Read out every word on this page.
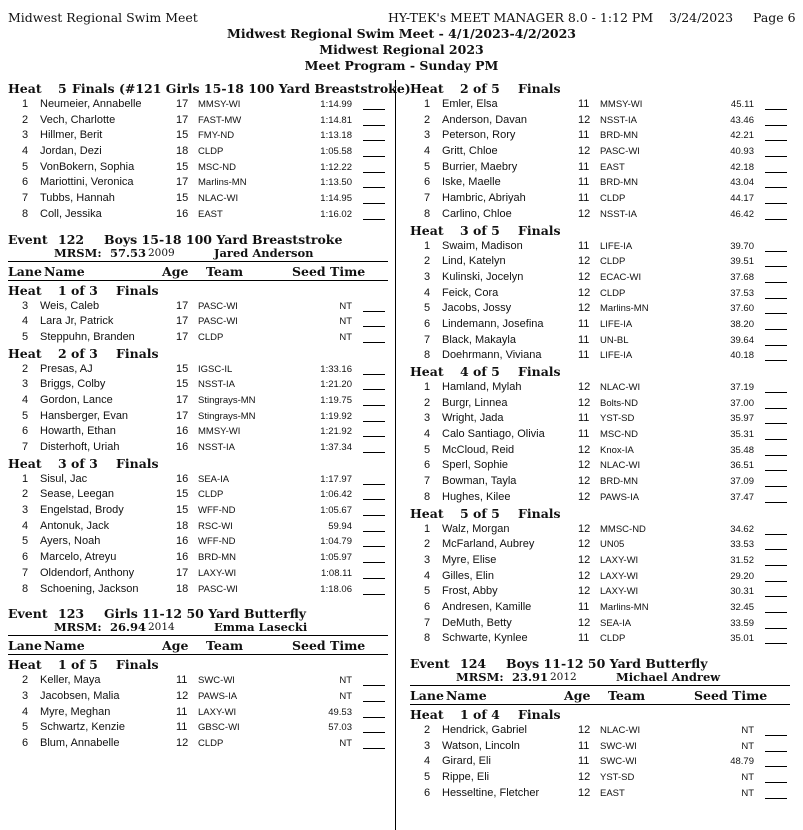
Midwest Regional Swim Meet	HY-TEK's MEET MANAGER 8.0 - 1:12 PM    3/24/2023     Page 6
Midwest Regional Swim Meet - 4/1/2023-4/2/2023
Midwest Regional 2023
Meet Program - Sunday PM
Heat 5 Finals (#121 Girls 15-18 100 Yard Breaststroke)
1 Neumeier, Annabelle	17 MMSY-WI	1:14.99
2 Vech, Charlotte	17 FAST-MW	1:14.81
3 Hillmer, Berit	15 FMY-ND	1:13.18
4 Jordan, Dezi	18 CLDP	1:05.58
5 VonBokern, Sophia	15 MSC-ND	1:12.22
6 Mariottini, Veronica	17 Marlins-MN	1:13.50
7 Tubbs, Hannah	15 NLAC-WI	1:14.95
8 Coll, Jessika	16 EAST	1:16.02
Event 122 Boys 15-18 100 Yard Breaststroke
MRSM: 57.53 2009	Jared Anderson
Lane Name	Age Team	Seed Time
Heat 1 of 3 Finals
3 Weis, Caleb	17 PASC-WI	NT
4 Lara Jr, Patrick	17 PASC-WI	NT
5 Steppuhn, Branden	17 CLDP	NT
Heat 2 of 3 Finals
2 Presas, AJ	15 IGSC-IL	1:33.16
3 Briggs, Colby	15 NSST-IA	1:21.20
4 Gordon, Lance	17 Stingrays-MN	1:19.75
5 Hansberger, Evan	17 Stingrays-MN	1:19.92
6 Howarth, Ethan	16 MMSY-WI	1:21.92
7 Disterhoft, Uriah	16 NSST-IA	1:37.34
Heat 3 of 3 Finals
1 Sisul, Jac	16 SEA-IA	1:17.97
2 Sease, Leegan	15 CLDP	1:06.42
3 Engelstad, Brody	15 WFF-ND	1:05.67
4 Antonuk, Jack	18 RSC-WI	59.94
5 Ayers, Noah	16 WFF-ND	1:04.79
6 Marcelo, Atreyu	16 BRD-MN	1:05.97
7 Oldendorf, Anthony	17 LAXY-WI	1:08.11
8 Schoening, Jackson	18 PASC-WI	1:18.06
Event 123 Girls 11-12 50 Yard Butterfly
MRSM: 26.94 2014	Emma Lasecki
Lane Name	Age Team	Seed Time
Heat 1 of 5 Finals
2 Keller, Maya	11 SWC-WI	NT
3 Jacobsen, Malia	12 PAWS-IA	NT
4 Myre, Meghan	11 LAXY-WI	49.53
5 Schwartz, Kenzie	11 GBSC-WI	57.03
6 Blum, Annabelle	12 CLDP	NT
Heat 2 of 5 Finals
1 Emler, Elsa	11 MMSY-WI	45.11
2 Anderson, Davan	12 NSST-IA	43.46
3 Peterson, Rory	11 BRD-MN	42.21
4 Gritt, Chloe	12 PASC-WI	40.93
5 Burrier, Maebry	11 EAST	42.18
6 Iske, Maelle	11 BRD-MN	43.04
7 Hambric, Abriyah	11 CLDP	44.17
8 Carlino, Chloe	12 NSST-IA	46.42
Heat 3 of 5 Finals
1 Swaim, Madison	11 LIFE-IA	39.70
2 Lind, Katelyn	12 CLDP	39.51
3 Kulinski, Jocelyn	12 ECAC-WI	37.68
4 Feick, Cora	12 CLDP	37.53
5 Jacobs, Jossy	12 Marlins-MN	37.60
6 Lindemann, Josefina	11 LIFE-IA	38.20
7 Black, Makayla	11 UN-BL	39.64
8 Doehrmann, Viviana	11 LIFE-IA	40.18
Heat 4 of 5 Finals
1 Hamland, Mylah	12 NLAC-WI	37.19
2 Burgr, Linnea	12 Bolts-ND	37.00
3 Wright, Jada	11 YST-SD	35.97
4 Calo Santiago, Olivia	11 MSC-ND	35.31
5 McCloud, Reid	12 Knox-IA	35.48
6 Sperl, Sophie	12 NLAC-WI	36.51
7 Bowman, Tayla	12 BRD-MN	37.09
8 Hughes, Kilee	12 PAWS-IA	37.47
Heat 5 of 5 Finals
1 Walz, Morgan	12 MMSC-ND	34.62
2 McFarland, Aubrey	12 UN05	33.53
3 Myre, Elise	12 LAXY-WI	31.52
4 Gilles, Elin	12 LAXY-WI	29.20
5 Frost, Abby	12 LAXY-WI	30.31
6 Andresen, Kamille	11 Marlins-MN	32.45
7 DeMuth, Betty	12 SEA-IA	33.59
8 Schwarte, Kynlee	11 CLDP	35.01
Event 124 Boys 11-12 50 Yard Butterfly
MRSM: 23.91 2012	Michael Andrew
Lane Name	Age Team	Seed Time
Heat 1 of 4 Finals
2 Hendrick, Gabriel	12 NLAC-WI	NT
3 Watson, Lincoln	11 SWC-WI	NT
4 Girard, Eli	11 SWC-WI	48.79
5 Rippe, Eli	12 YST-SD	NT
6 Hesseltine, Fletcher	12 EAST	NT
